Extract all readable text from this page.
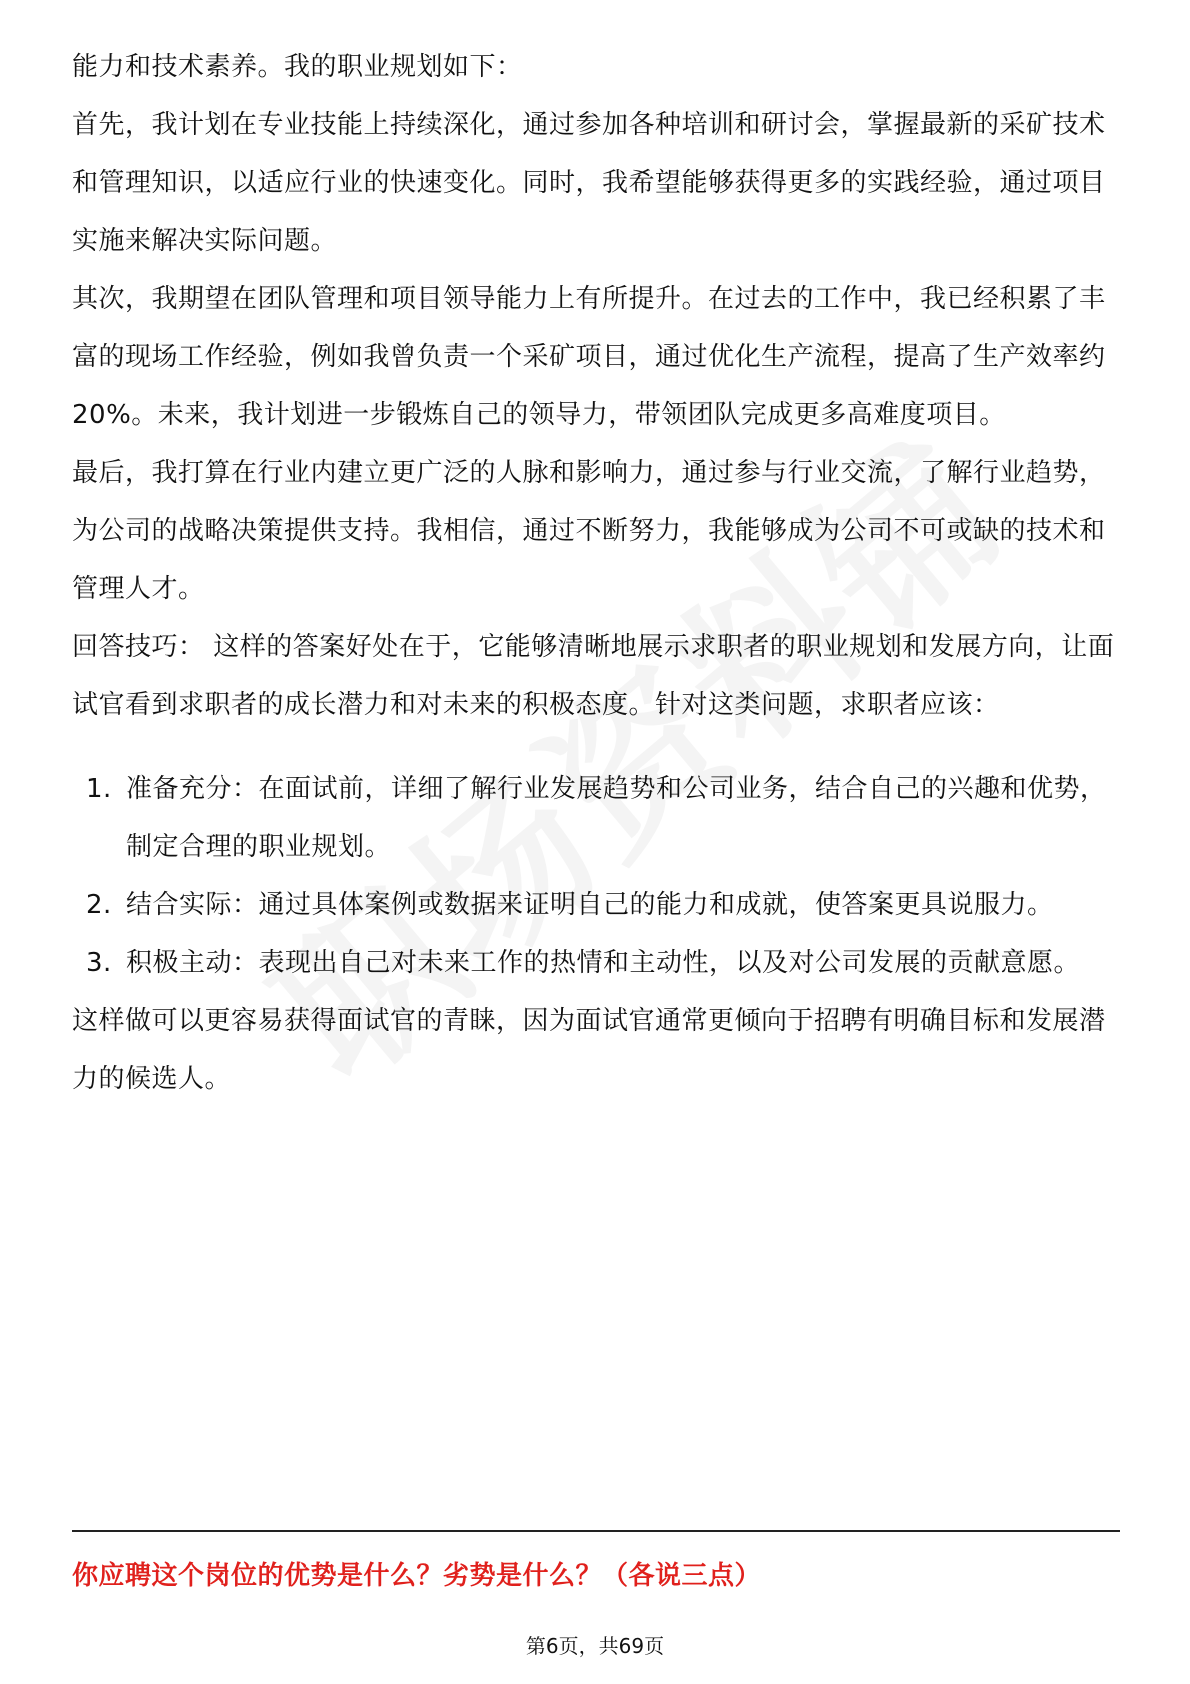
能力和技术素养。我的职业规划如下：

首先，我计划在专业技能上持续深化，通过参加各种培训和研讨会，掌握最新的采矿技术和管理知识，以适应行业的快速变化。同时，我希望能够获得更多的实践经验，通过项目实施来解决实际问题。

其次，我期望在团队管理和项目领导能力上有所提升。在过去的工作中，我已经积累了丰富的现场工作经验，例如我曾负责一个采矿项目，通过优化生产流程，提高了生产效率约20%。未来，我计划进一步锻炼自己的领导力，带领团队完成更多高难度项目。

最后，我打算在行业内建立更广泛的人脉和影响力，通过参与行业交流，了解行业趋势，为公司的战略决策提供支持。我相信，通过不断努力，我能够成为公司不可或缺的技术和管理人才。

回答技巧： 这样的答案好处在于，它能够清晰地展示求职者的职业规划和发展方向，让面试官看到求职者的成长潜力和对未来的积极态度。针对这类问题，求职者应该：

1. 准备充分：在面试前，详细了解行业发展趋势和公司业务，结合自己的兴趣和优势，制定合理的职业规划。
2. 结合实际：通过具体案例或数据来证明自己的能力和成就，使答案更具说服力。
3. 积极主动：表现出自己对未来工作的热情和主动性，以及对公司发展的贡献意愿。

这样做可以更容易获得面试官的青睐，因为面试官通常更倾向于招聘有明确目标和发展潜力的候选人。

你应聘这个岗位的优势是什么？劣势是什么？（各说三点）
第6页，共69页
